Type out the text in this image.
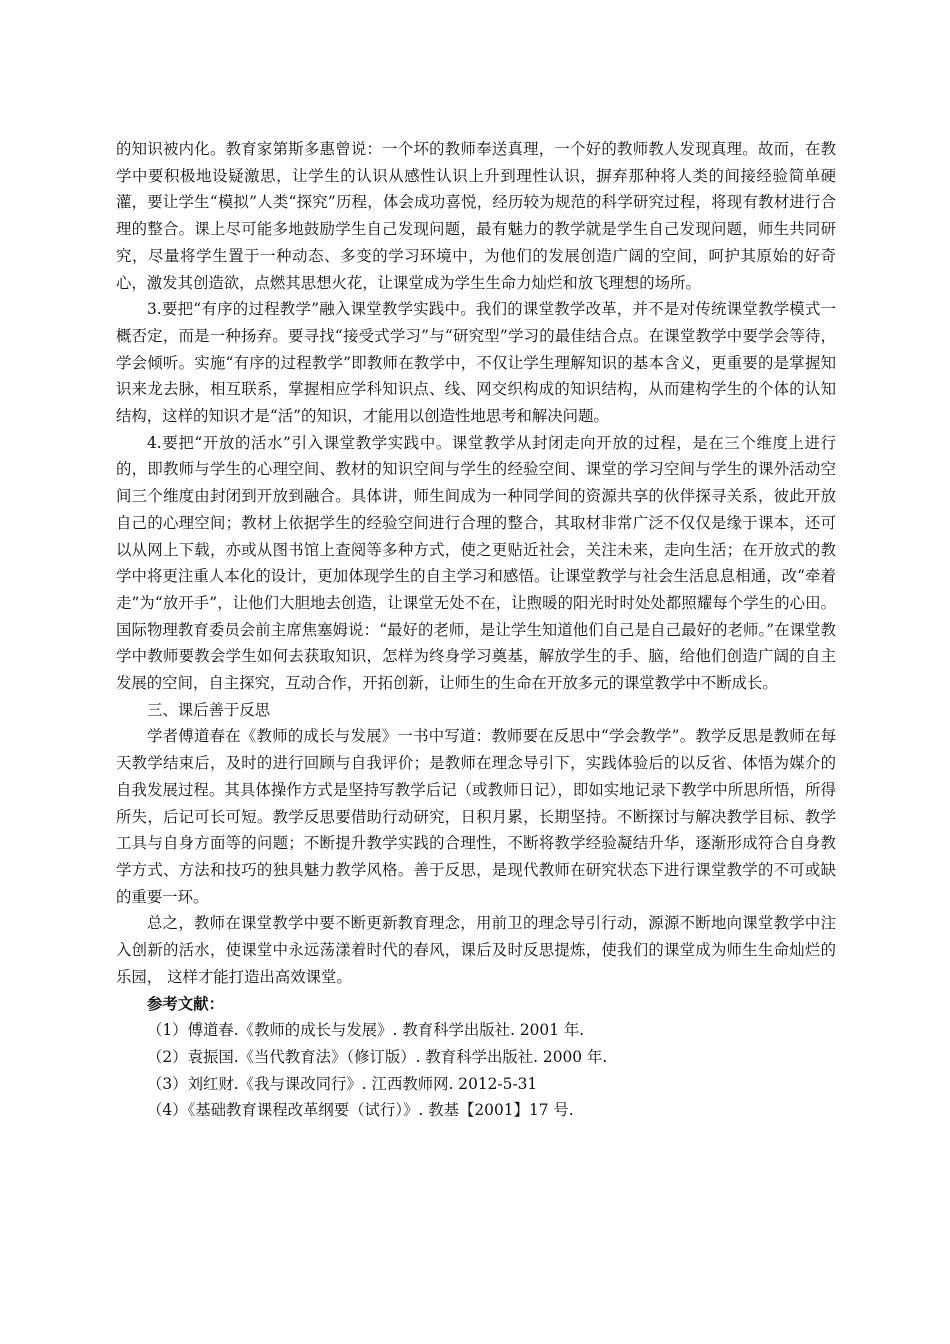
的知识被内化。教育家第斯多惠曾说：一个坏的教师奉送真理，一个好的教师教人发现真理。故而，在教学中要积极地设疑激思，让学生的认识从感性认识上升到理性认识，摒弃那种将人类的间接经验简单硬灌，要让学生“模拟”人类“探究”历程，体会成功喜悦，经历较为规范的科学研究过程，将现有教材进行合理的整合。课上尽可能多地鼓励学生自己发现问题，最有魅力的教学就是学生自己发现问题，师生共同研究，尽量将学生置于一种动态、多变的学习环境中，为他们的发展创造广阔的空间，呵护其原始的好奇心，激发其创造欲，点燃其思想火花，让课堂成为学生生命力灿烂和放飞理想的场所。

3.要把“有序的过程教学”融入课堂教学实践中。我们的课堂教学改革，并不是对传统课堂教学模式一概否定，而是一种扬弃。要寻找“接受式学习”与“研究型”学习的最佳结合点。在课堂教学中要学会等待，学会倾听。实施“有序的过程教学”即教师在教学中，不仅让学生理解知识的基本含义，更重要的是掌握知识来龙去脉，相互联系，掌握相应学科知识点、线、网交织构成的知识结构，从而建构学生的个体的认知结构，这样的知识才是“活”的知识，才能用以创造性地思考和解决问题。

4.要把“开放的活水”引入课堂教学实践中。课堂教学从封闭走向开放的过程，是在三个维度上进行的，即教师与学生的心理空间、教材的知识空间与学生的经验空间、课堂的学习空间与学生的课外活动空间三个维度由封闭到开放到融合。具体讲，师生间成为一种同学间的资源共享的伙伴探寻关系，彼此开放自己的心理空间；教材上依据学生的经验空间进行合理的整合，其取材非常广泛不仅仅是缘于课本，还可以从网上下载，亦或从图书馆上查阅等多种方式，使之更贴近社会，关注未来，走向生活；在开放式的教学中将更注重人本化的设计，更加体现学生的自主学习和感悟。让课堂教学与社会生活息息相通，改“牵着走”为“放开手”，让他们大胆地去创造，让课堂无处不在，让煦暖的阳光时时处处都照耀每个学生的心田。国际物理教育委员会前主席焦塞姆说：“最好的老师，是让学生知道他们自己是自己最好的老师。”在课堂教学中教师要教会学生如何去获取知识，怎样为终身学习奠基，解放学生的手、脑，给他们创造广阔的自主发展的空间，自主探究，互动合作，开拓创新，让师生的生命在开放多元的课堂教学中不断成长。

三、课后善于反思

学者傅道春在《教师的成长与发展》一书中写道：教师要在反思中“学会教学”。教学反思是教师在每天教学结束后，及时的进行回顾与自我评价；是教师在理念导引下，实践体验后的以反省、体悟为媒介的自我发展过程。其具体操作方式是坚持写教学后记（或教师日记），即如实地记录下教学中所思所悟，所得所失，后记可长可短。教学反思要借助行动研究，日积月累，长期坚持。不断探讨与解决教学目标、教学工具与自身方面等的问题；不断提升教学实践的合理性，不断将教学经验凝结升华，逐渐形成符合自身教学方式、方法和技巧的独具魅力教学风格。善于反思，是现代教师在研究状态下进行课堂教学的不可或缺的重要一环。

总之，教师在课堂教学中要不断更新教育理念，用前卫的理念导引行动，源源不断地向课堂教学中注入创新的活水，使课堂中永远荡漾着时代的春风，课后及时反思提炼，使我们的课堂成为师生生命灿烂的乐园， 这样才能打造出高效课堂。

参考文献：

（1）傅道春.《教师的成长与发展》. 教育科学出版社. 2001 年.

（2）袁振国.《当代教育法》（修订版）. 教育科学出版社. 2000 年.

（3）刘红财.《我与课改同行》. 江西教师网. 2012-5-31

（4）《基础教育课程改革纲要（试行）》. 教基【2001】17 号.
